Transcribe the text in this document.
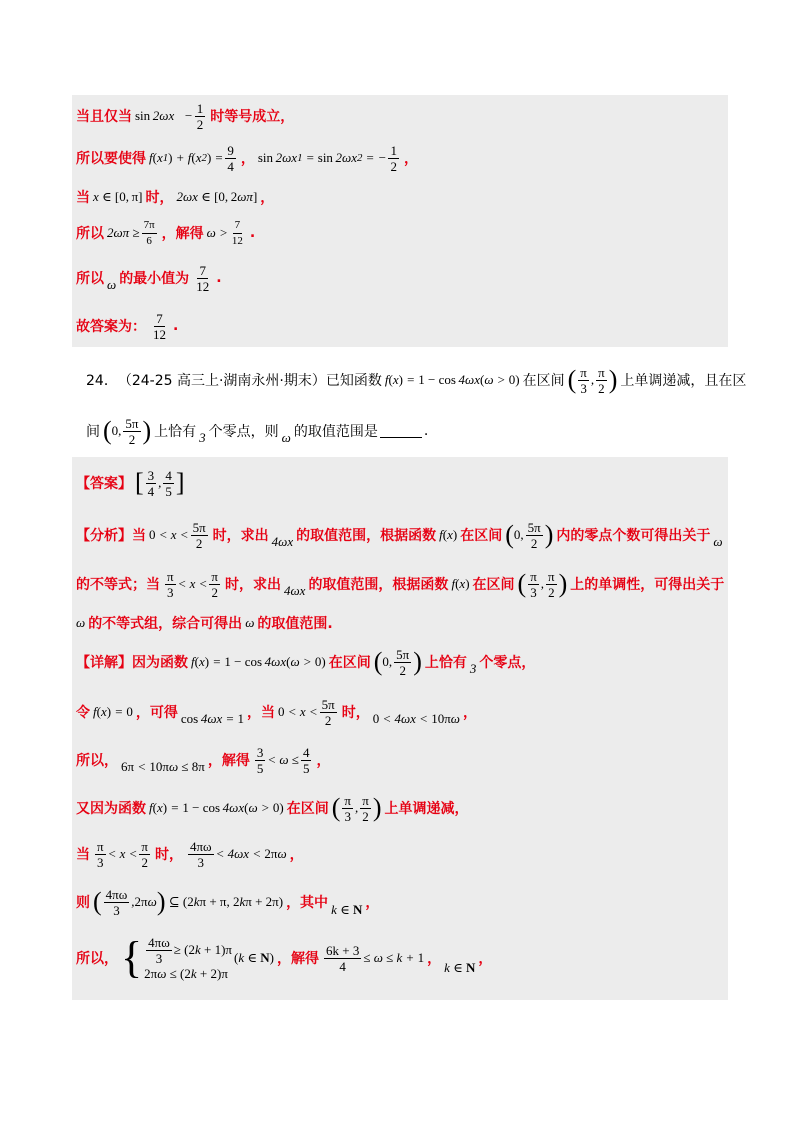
当且仅当 $\sin 2\omega x - \frac{1}{2}$ 时等号成立，
所以要使得 f ( x 1 ) + f ( x 2 ) = $\frac{9}{4}$ ， sin  2ωx 1 = sin  2ωx 2 = − $\frac{1}{2}$ ，
当 x ∈ [0, π] 时， 2ωx ∈ [0, 2 ωπ ] ，
所以 $2\omega\pi \ge \frac{7\pi}{6}$ ，解得 $\omega > \frac{7}{12}$ .
所以 ω 的最小值为 $\frac{7}{12}$ .
故答案为： $\frac{7}{12}$ .
24． （24-25 高三上·湖南永州·期末）已知函数 f ( x ) = 1 − cos  4ωx ( ω > 0) 在区间 ( $\frac{\pi}{3}$ , $\frac{\pi}{2}$ ) 上单调递减，且在区
间 ( 0, $\frac{5\pi}{2}$ ) 上恰有 3 个零点，则 ω 的取值范围是	.
【答案】 [ $\frac{3}{4}$ , $\frac{4}{5}$ ]
【分析】 当 $0 < x < \frac{5\pi}{2}$ 时，求出 4ωx 的取值范围，根据函数 f ( x ) 在区间 ( 0, $\frac{5\pi}{2}$ ) 内的零点个数可得出关于 ω
的不等式；当 $\frac{\pi}{3} < x < \frac{\pi}{2}$ 时，求出 4ωx 的取值范围，根据函数 f ( x ) 在区间 ( $\frac{\pi}{3}$ , $\frac{\pi}{2}$ ) 上的单调性，可得出关于
ω 的不等式组，综合可得出 ω 的取值范围.
【详解】 因为函数 f ( x ) = 1 − cos  4ωx ( ω > 0) 在区间 ( 0, $\frac{5\pi}{2}$ ) 上恰有 3 个零点，
令 f ( x ) = 0 ，可得 cos  4ωx = 1 ，当 $0 < x < \frac{5\pi}{2}$ 时， 0 < 4ωx < 10π ω ，
所以， 6π < 10π ω ≤ 8π ，解得 $\frac{3}{5} < \omega \le \frac{4}{5}$ ，
又因为函数 f ( x ) = 1 − cos  4ωx ( ω > 0) 在区间 ( $\frac{\pi}{3}$ , $\frac{\pi}{2}$ ) 上单调递减，
当 $\frac{\pi}{3} < x < \frac{\pi}{2}$ 时， $\frac{4\pi\omega}{3} < 4\omega x < 2\pi$ ω ，
则 ( $\frac{4\pi\omega}{3}$ , 2π ω ) ⊆ (2 k π + π, 2 k π + 2π) ，其中 k ∈ N ，
所以， { $\frac{4\pi\omega}{3} \ge (2$ k + 1)π
2π ω ≤ (2 k + 2)π
(k ∈ N) ，解得 $\frac{6k + 3}{4} \le \omega \le k + 1$ ，
k ∈ N
，
